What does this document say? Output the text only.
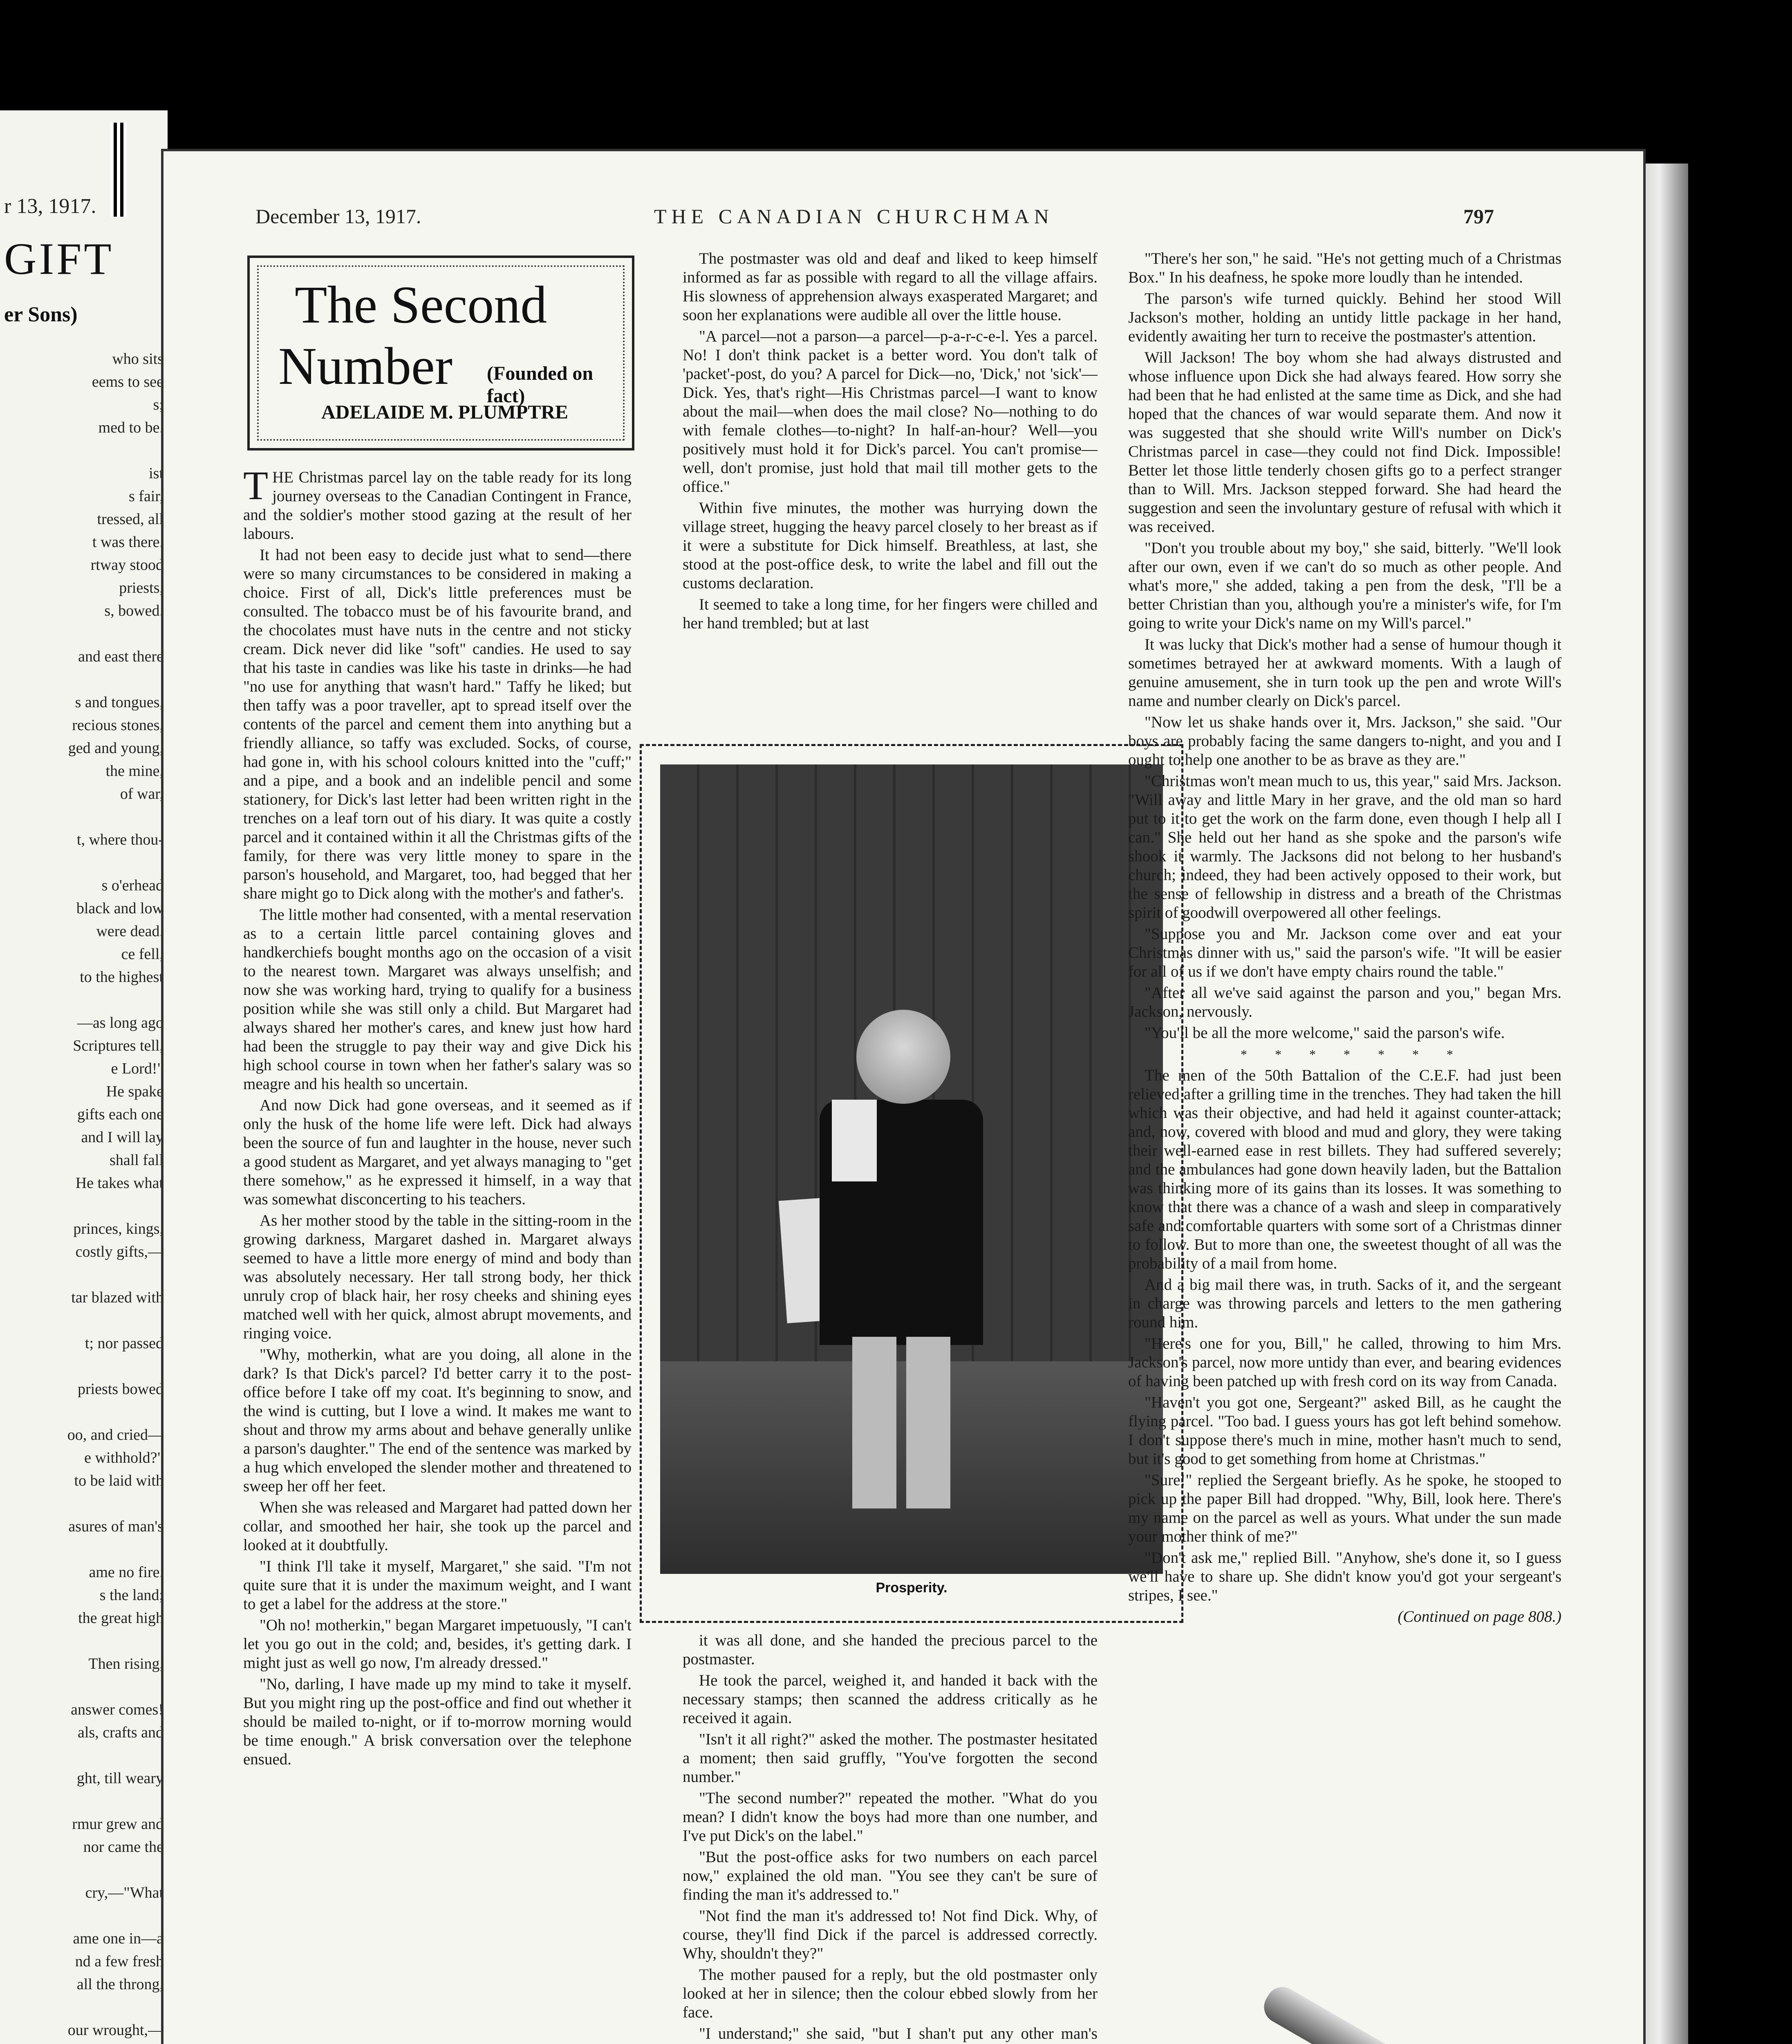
r 13, 1917.
GIFT
er Sons)
who sits
eems to see
s;
med to be.

ist
s fair,
tressed, all
t was there.
rtway stood
priests,
s, bowed.

and east there

s and tongues,
recious stones,
ged and young,
the mine,
of war,

t, where thou-

s o'erhead
black and low
were dead.
ce fell,
to the highest

—as long ago
Scriptures tell,
e Lord!"
He spake
gifts each one
and I will lay
shall fall
He takes what

princes, kings,
costly gifts,—

tar blazed with

t; nor passed

priests bowed

oo, and cried—
e withhold?"
to be laid with

asures of man's

ame no fire.
s the land;
the great high

Then rising,

answer comes!
als, crafts and

ght, till weary

rmur grew and
nor came the

cry,—"What

ame one in—a
nd a few fresh
all the throng,

our wrought,—

December 13, 1917.	THE CANADIAN CHURCHMAN	797
The Second
Number (Founded on fact)
ADELAIDE M. PLUMPTRE
T HE Christmas parcel lay on the table ready for its long journey overseas to the Canadian Contingent in France, and the soldier's mother stood gazing at the result of her labours.

It had not been easy to decide just what to send—there were so many circumstances to be considered in making a choice. First of all, Dick's little preferences must be consulted. The tobacco must be of his favourite brand, and the chocolates must have nuts in the centre and not sticky cream. Dick never did like "soft" candies. He used to say that his taste in candies was like his taste in drinks—he had "no use for anything that wasn't hard." Taffy he liked; but then taffy was a poor traveller, apt to spread itself over the contents of the parcel and cement them into anything but a friendly alliance, so taffy was excluded. Socks, of course, had gone in, with his school colours knitted into the "cuff;" and a pipe, and a book and an indelible pencil and some stationery, for Dick's last letter had been written right in the trenches on a leaf torn out of his diary. It was quite a costly parcel and it contained within it all the Christmas gifts of the family, for there was very little money to spare in the parson's household, and Margaret, too, had begged that her share might go to Dick along with the mother's and father's.

The little mother had consented, with a mental reservation as to a certain little parcel containing gloves and handkerchiefs bought months ago on the occasion of a visit to the nearest town. Margaret was always unselfish; and now she was working hard, trying to qualify for a business position while she was still only a child. But Margaret had always shared her mother's cares, and knew just how hard had been the struggle to pay their way and give Dick his high school course in town when her father's salary was so meagre and his health so uncertain.

And now Dick had gone overseas, and it seemed as if only the husk of the home life were left. Dick had always been the source of fun and laughter in the house, never such a good student as Margaret, and yet always managing to "get there somehow," as he expressed it himself, in a way that was somewhat disconcerting to his teachers.

As her mother stood by the table in the sitting-room in the growing darkness, Margaret dashed in. Margaret always seemed to have a little more energy of mind and body than was absolutely necessary. Her tall strong body, her thick unruly crop of black hair, her rosy cheeks and shining eyes matched well with her quick, almost abrupt movements, and ringing voice.

"Why, motherkin, what are you doing, all alone in the dark? Is that Dick's parcel? I'd better carry it to the post-office before I take off my coat. It's beginning to snow, and the wind is cutting, but I love a wind. It makes me want to shout and throw my arms about and behave generally unlike a parson's daughter." The end of the sentence was marked by a hug which enveloped the slender mother and threatened to sweep her off her feet.

When she was released and Margaret had patted down her collar, and smoothed her hair, she took up the parcel and looked at it doubtfully.

"I think I'll take it myself, Margaret," she said. "I'm not quite sure that it is under the maximum weight, and I want to get a label for the address at the store."

"Oh no! motherkin," began Margaret impetuously, "I can't let you go out in the cold; and, besides, it's getting dark. I might just as well go now, I'm already dressed."

"No, darling, I have made up my mind to take it myself. But you might ring up the post-office and find out whether it should be mailed to-night, or if to-morrow morning would be time enough." A brisk conversation over the telephone ensued.

The postmaster was old and deaf and liked to keep himself informed as far as possible with regard to all the village affairs. His slowness of apprehension always exasperated Margaret; and soon her explanations were audible all over the little house.

"A parcel—not a parson—a parcel—p-a-r-c-e-l. Yes a parcel. No! I don't think packet is a better word. You don't talk of 'packet'-post, do you? A parcel for Dick—no, 'Dick,' not 'sick'—Dick. Yes, that's right—His Christmas parcel—I want to know about the mail—when does the mail close? No—nothing to do with female clothes—to-night? In half-an-hour? Well—you positively must hold it for Dick's parcel. You can't promise—well, don't promise, just hold that mail till mother gets to the office."

Within five minutes, the mother was hurrying down the village street, hugging the heavy parcel closely to her breast as if it were a substitute for Dick himself. Breathless, at last, she stood at the post-office desk, to write the label and fill out the customs declaration.

It seemed to take a long time, for her fingers were chilled and her hand trembled; but at last

Prosperity.

it was all done, and she handed the precious parcel to the postmaster.

He took the parcel, weighed it, and handed it back with the necessary stamps; then scanned the address critically as he received it again.

"Isn't it all right?" asked the mother. The postmaster hesitated a moment; then said gruffly, "You've forgotten the second number."

"The second number?" repeated the mother. "What do you mean? I didn't know the boys had more than one number, and I've put Dick's on the label."

"But the post-office asks for two numbers on each parcel now," explained the old man. "You see they can't be sure of finding the man it's addressed to."

"Not find the man it's addressed to! Not find Dick. Why, of course, they'll find Dick if the parcel is addressed correctly. Why, shouldn't they?"

The mother paused for a reply, but the old postmaster only looked at her in silence; then the colour ebbed slowly from her face.

"I understand;" she said, "but I shan't put any other man's

"There's her son," he said. "He's not getting much of a Christmas Box." In his deafness, he spoke more loudly than he intended.

The parson's wife turned quickly. Behind her stood Will Jackson's mother, holding an untidy little package in her hand, evidently awaiting her turn to receive the postmaster's attention.

Will Jackson! The boy whom she had always distrusted and whose influence upon Dick she had always feared. How sorry she had been that he had enlisted at the same time as Dick, and she had hoped that the chances of war would separate them. And now it was suggested that she should write Will's number on Dick's Christmas parcel in case—they could not find Dick. Impossible! Better let those little tenderly chosen gifts go to a perfect stranger than to Will. Mrs. Jackson stepped forward. She had heard the suggestion and seen the involuntary gesture of refusal with which it was received.

"Don't you trouble about my boy," she said, bitterly. "We'll look after our own, even if we can't do so much as other people. And what's more," she added, taking a pen from the desk, "I'll be a better Christian than you, although you're a minister's wife, for I'm going to write your Dick's name on my Will's parcel."

It was lucky that Dick's mother had a sense of humour though it sometimes betrayed her at awkward moments. With a laugh of genuine amusement, she in turn took up the pen and wrote Will's name and number clearly on Dick's parcel.

"Now let us shake hands over it, Mrs. Jackson," she said. "Our boys are probably facing the same dangers to-night, and you and I ought to help one another to be as brave as they are."

"Christmas won't mean much to us, this year," said Mrs. Jackson. "Will away and little Mary in her grave, and the old man so hard put to it to get the work on the farm done, even though I help all I can." She held out her hand as she spoke and the parson's wife shook it warmly. The Jacksons did not belong to her husband's church; indeed, they had been actively opposed to their work, but the sense of fellowship in distress and a breath of the Christmas spirit of goodwill overpowered all other feelings.

"Suppose you and Mr. Jackson come over and eat your Christmas dinner with us," said the parson's wife. "It will be easier for all of us if we don't have empty chairs round the table."

"After all we've said against the parson and you," began Mrs. Jackson, nervously.

"You'll be all the more welcome," said the parson's wife.

* * * * * * *

The men of the 50th Battalion of the C.E.F. had just been relieved after a grilling time in the trenches. They had taken the hill which was their objective, and had held it against counter-attack; and, now, covered with blood and mud and glory, they were taking their well-earned ease in rest billets. They had suffered severely; and the ambulances had gone down heavily laden, but the Battalion was thinking more of its gains than its losses. It was something to know that there was a chance of a wash and sleep in comparatively safe and comfortable quarters with some sort of a Christmas dinner to follow. But to more than one, the sweetest thought of all was the probability of a mail from home.

And a big mail there was, in truth. Sacks of it, and the sergeant in charge was throwing parcels and letters to the men gathering round him.

"Here's one for you, Bill," he called, throwing to him Mrs. Jackson's parcel, now more untidy than ever, and bearing evidences of having been patched up with fresh cord on its way from Canada.

"Haven't you got one, Sergeant?" asked Bill, as he caught the flying parcel. "Too bad. I guess yours has got left behind somehow. I don't suppose there's much in mine, mother hasn't much to send, but it's good to get something from home at Christmas."

"Sure!" replied the Sergeant briefly. As he spoke, he stooped to pick up the paper Bill had dropped. "Why, Bill, look here. There's my name on the parcel as well as yours. What under the sun made your mother think of me?"

"Don't ask me," replied Bill. "Anyhow, she's done it, so I guess we'll have to share up. She didn't know you'd got your sergeant's stripes, I see."

(Continued on page 808.)
